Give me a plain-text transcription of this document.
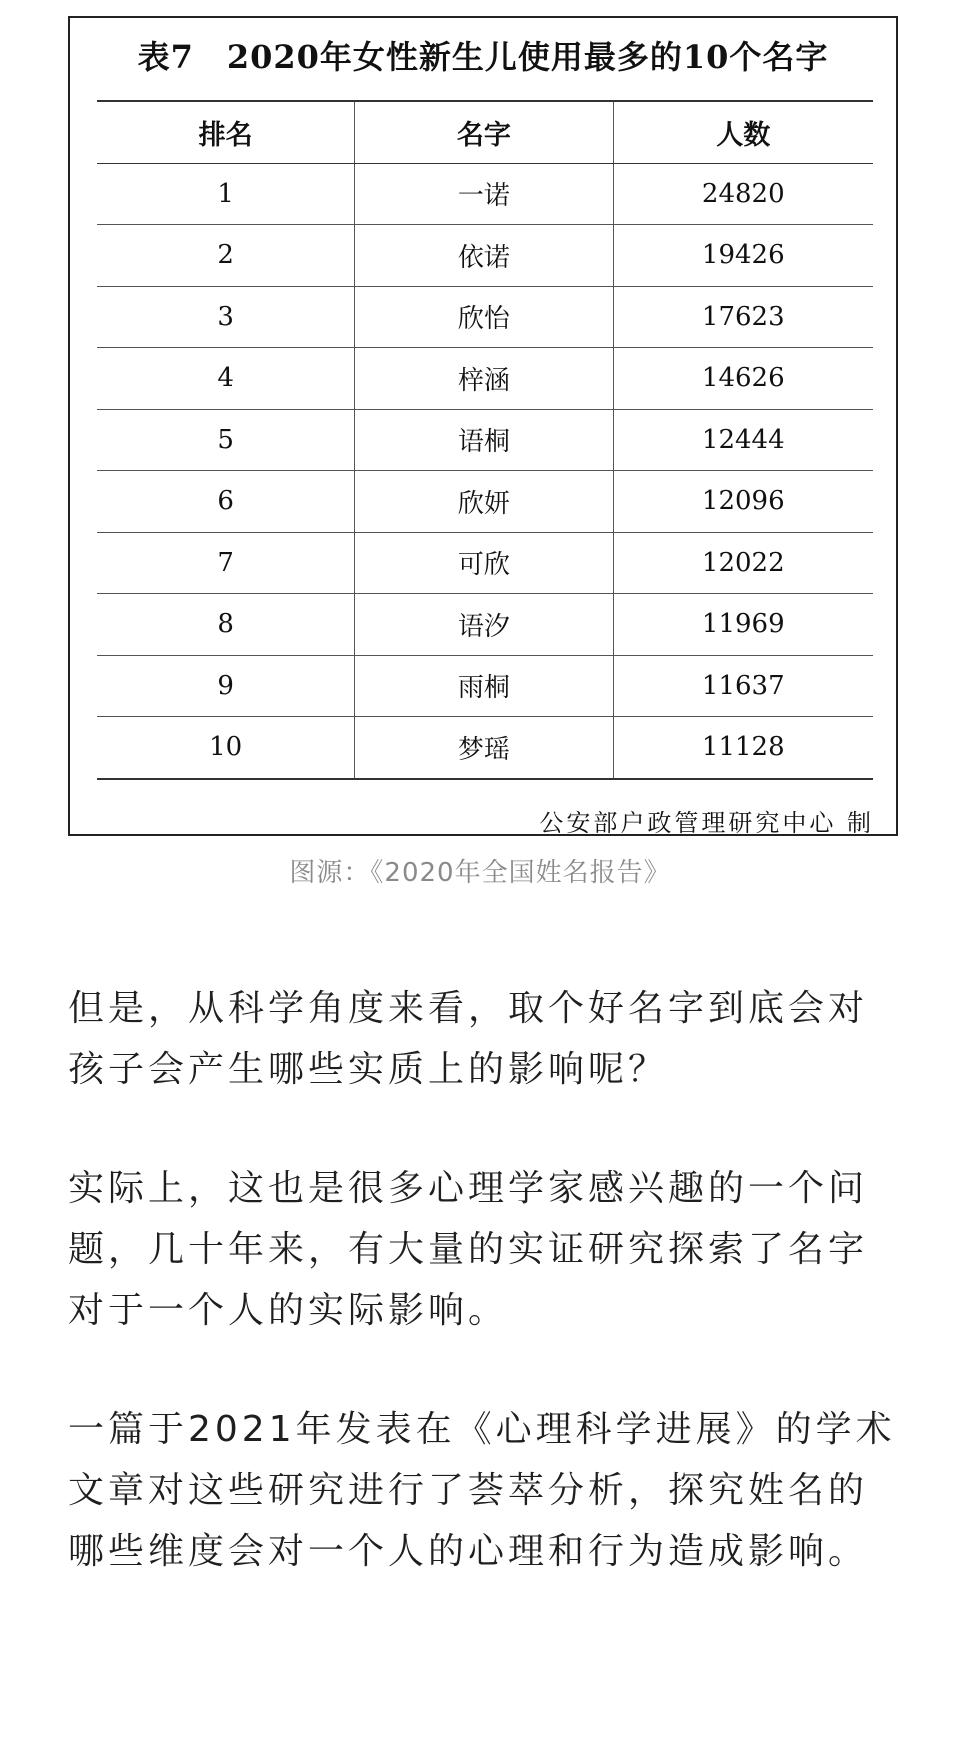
表7　2020年女性新生儿使用最多的10个名字
排名	名字	人数
1	一诺	24820
2	依诺	19426
3	欣怡	17623
4	梓涵	14626
5	语桐	12444
6	欣妍	12096
7	可欣	12022
8	语汐	11969
9	雨桐	11637
10	梦瑶	11128
公安部户政管理研究中心 制
图源：《2020年全国姓名报告》

但是，从科学角度来看，取个好名字到底会对孩子会产生哪些实质上的影响呢？

实际上，这也是很多心理学家感兴趣的一个问题，几十年来，有大量的实证研究探索了名字对于一个人的实际影响。

一篇于2021年发表在《心理科学进展》的学术文章对这些研究进行了荟萃分析，探究姓名的哪些维度会对一个人的心理和行为造成影响。
